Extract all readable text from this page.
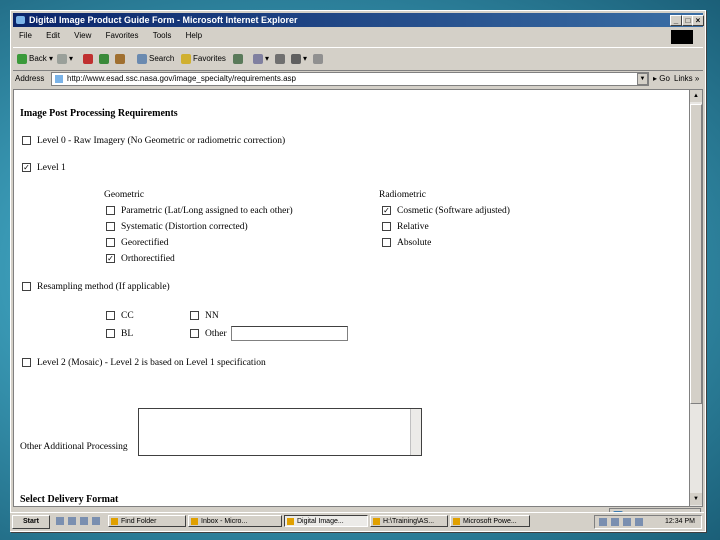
Digital Image Product Guide Form - Microsoft Internet Explorer	_ □ ×
File Edit View Favorites Tools Help
Back ▾	▾	Search	Favorites	▾	▾
Address	http://www.esad.ssc.nasa.gov/image_specialty/requirements.asp	▼ ▸ Go Links »
Image Post Processing Requirements
Level 0 - Raw Imagery (No Geometric or radiometric correction)
✓ Level 1
Geometric	Radiometric
Parametric (Lat/Long assigned to each other)
Systematic (Distortion corrected)
Georectified
✓ Orthorectified
✓ Cosmetic (Software adjusted)
Relative
Absolute
Resampling method (If applicable)
CC	NN
BL	Other
Level 2 (Mosaic) - Level 2 is based on Level 1 specification
Other Additional Processing
Select Delivery Format
▲
▼
Start	Find Folder	Inbox - Micro...	Digital Image...	H:\Training\AS...	Microsoft Powe...	12:34 PM
